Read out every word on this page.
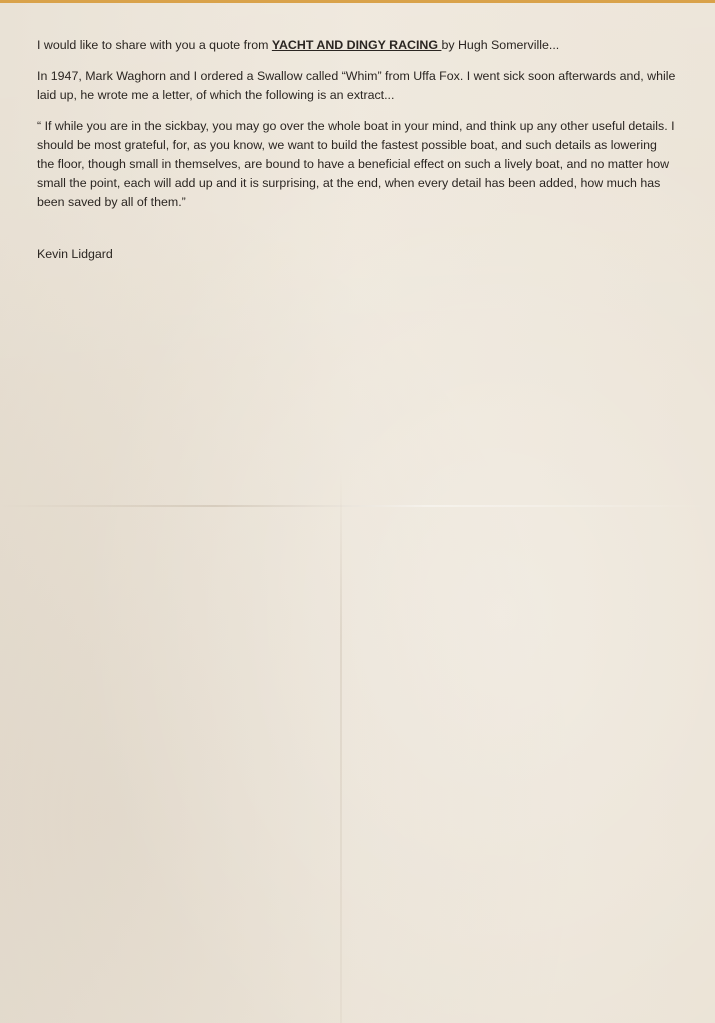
I would like to share with you a quote from YACHT AND DINGY RACING by Hugh Somerville...

In 1947, Mark Waghorn and I ordered a Swallow called “Whim” from Uffa Fox. I went sick soon afterwards and, while laid up, he wrote me a letter, of which the following is an extract...

“ If while you are in the sickbay, you may go over the whole boat in your mind, and think up any other useful details. I should be most grateful, for, as you know, we want to build the fastest possible boat, and such details as lowering the floor, though small in themselves, are bound to have a beneficial effect on such a lively boat, and no matter how small the point, each will add up and it is surprising, at the end, when every detail has been added, how much has been saved by all of them.”

Kevin Lidgard
